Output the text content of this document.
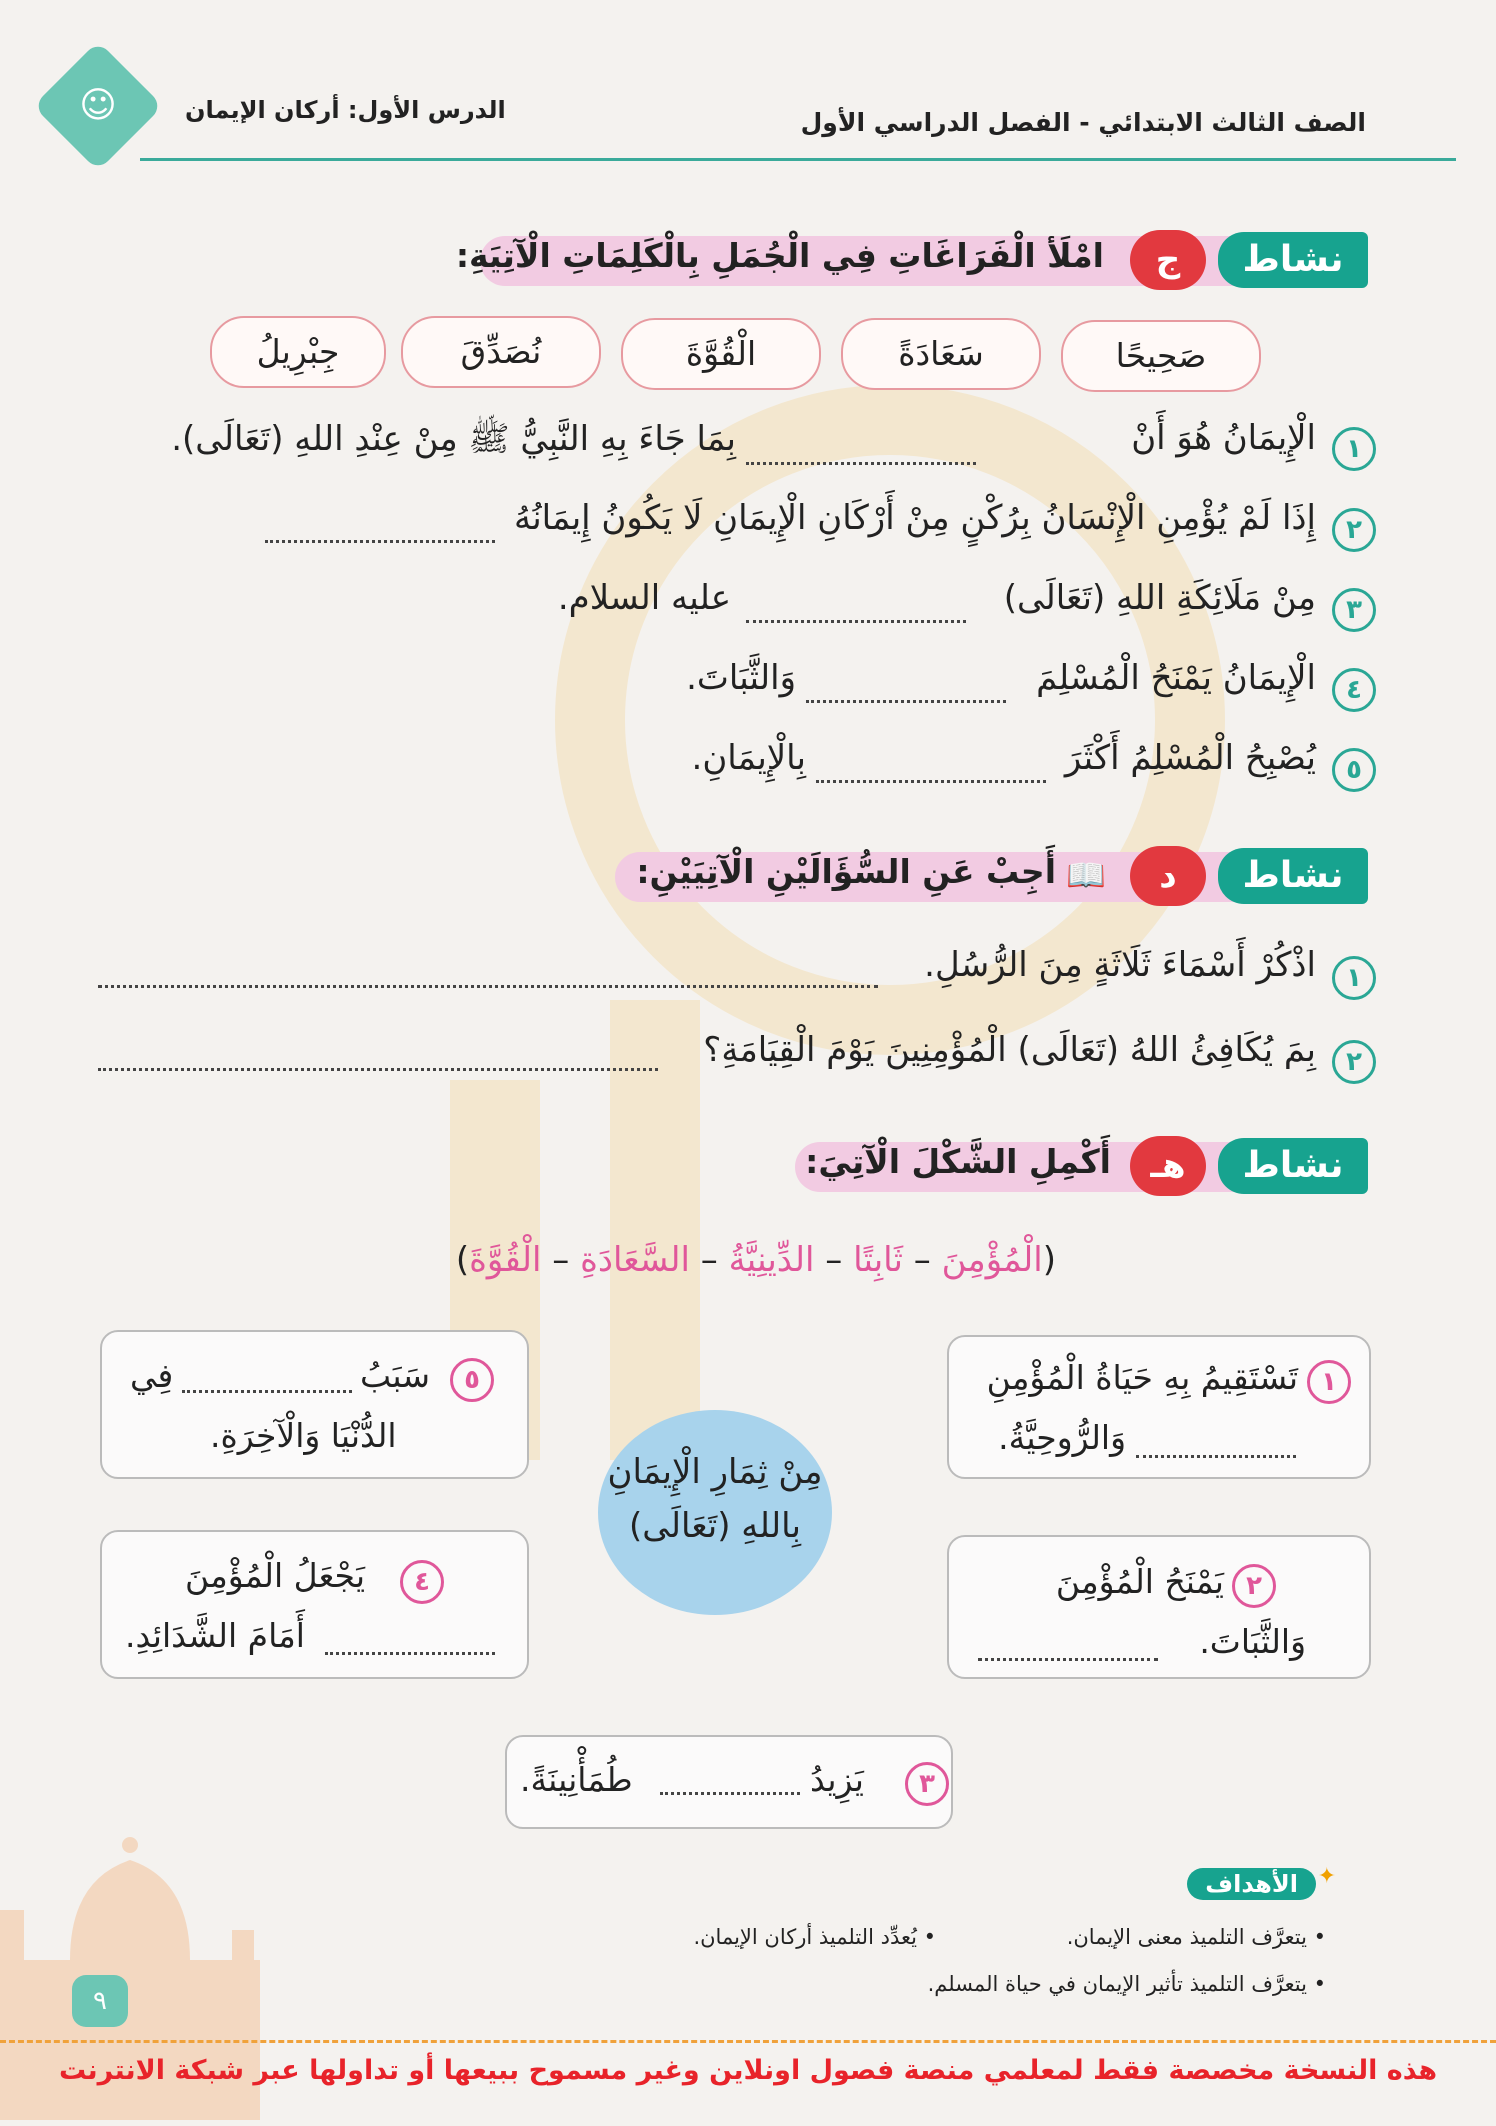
☺	الصف الثالث الابتدائي - الفصل الدراسي الأول
الدرس الأول: أركان الإيمان
نشاط
ج
امْلَأ الْفَرَاغَاتِ فِي الْجُمَلِ بِالْكَلِمَاتِ الْآتِيَةِ:
صَحِيحًا
سَعَادَةً
الْقُوَّةَ
نُصَدِّقَ
جِبْرِيلُ
١
الْإِيمَانُ هُوَ أَنْ
بِمَا جَاءَ بِهِ النَّبِيُّ ﷺ مِنْ عِنْدِ اللهِ (تَعَالَى).
٢
إِذَا لَمْ يُؤْمِنِ الْإِنْسَانُ بِرُكْنٍ مِنْ أَرْكَانِ الْإِيمَانِ لَا يَكُونُ إِيمَانُهُ
٣
مِنْ مَلَائِكَةِ اللهِ (تَعَالَى)
عليه السلام.
٤
الْإِيمَانُ يَمْنَحُ الْمُسْلِمَ
وَالثَّبَاتَ.
٥
يُصْبِحُ الْمُسْلِمُ أَكْثَرَ
بِالْإِيمَانِ.
نشاط
د
📖
أَجِبْ عَنِ السُّؤَالَيْنِ الْآتِيَيْنِ:
١
اذْكُرْ أَسْمَاءَ ثَلَاثَةٍ مِنَ الرُّسُلِ.
٢
بِمَ يُكَافِئُ اللهُ (تَعَالَى) الْمُؤْمِنِينَ يَوْمَ الْقِيَامَةِ؟
نشاط
هـ
أَكْمِلِ الشَّكْلَ الْآتِيَ:
(الْمُؤْمِنَ – ثَابِتًا – الدِّينِيَّةُ – السَّعَادَةِ – الْقُوَّةَ)
مِنْ ثِمَارِ الْإِيمَانِ
بِاللهِ (تَعَالَى)
١
تَسْتَقِيمُ بِهِ حَيَاةُ الْمُؤْمِنِ
وَالرُّوحِيَّةُ.
٢
يَمْنَحُ الْمُؤْمِنَ
وَالثَّبَاتَ.
٣
يَزِيدُ
طُمَأْنِينَةً.
٤
يَجْعَلُ الْمُؤْمِنَ
أَمَامَ الشَّدَائِدِ.
٥
سَبَبُ
فِي
الدُّنْيَا وَالْآخِرَةِ.
الأهداف ✦
• يتعرَّف التلميذ معنى الإيمان.
• يُعدِّد التلميذ أركان الإيمان.
• يتعرَّف التلميذ تأثير الإيمان في حياة المسلم.
٩
هذه النسخة مخصصة فقط لمعلمي منصة فصول اونلاين وغير مسموح ببيعها أو تداولها عبر شبكة الانترنت
